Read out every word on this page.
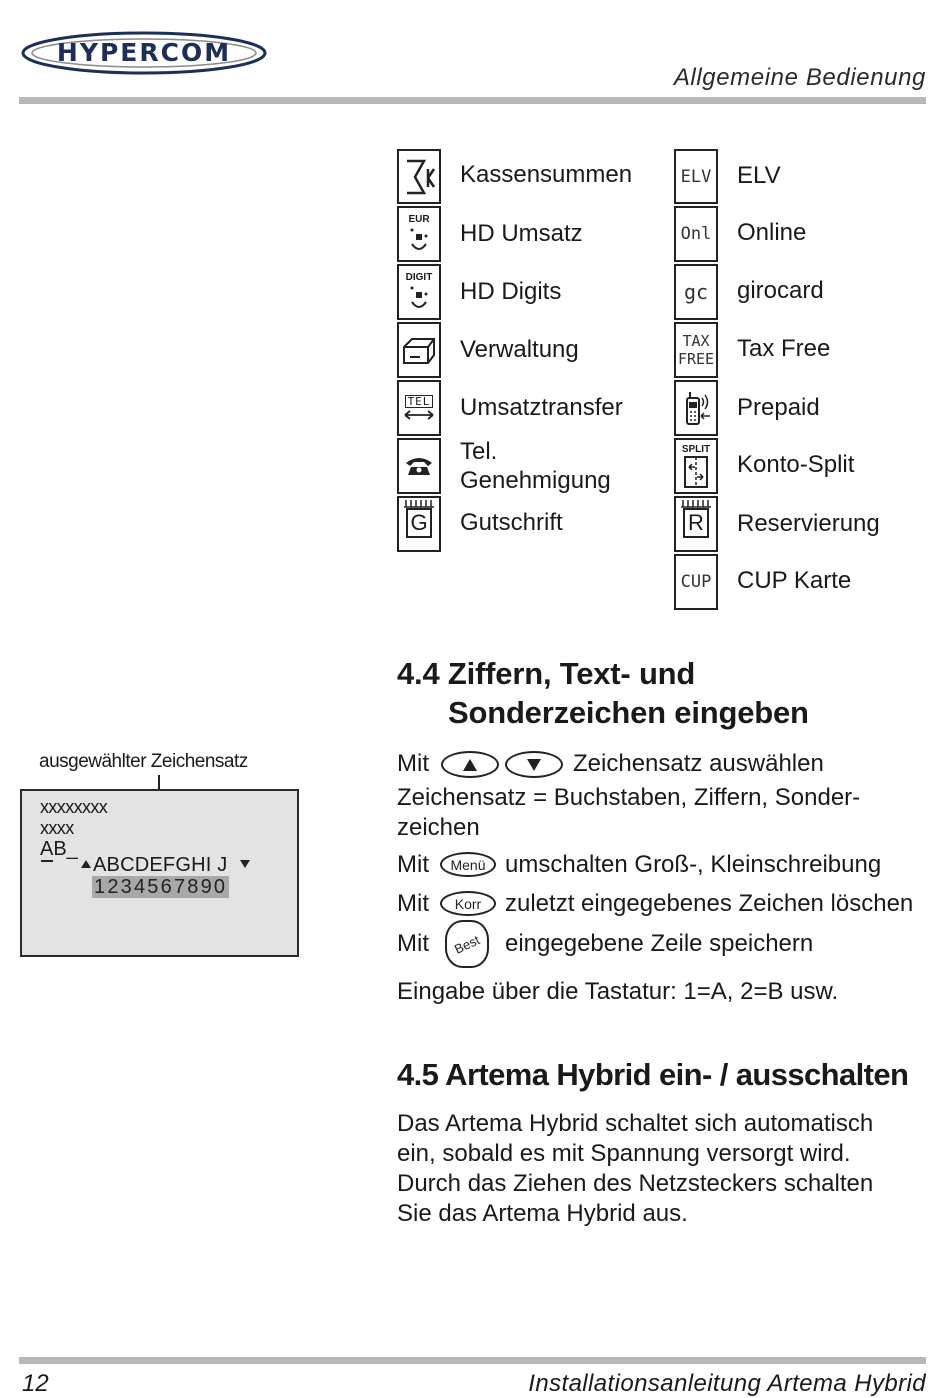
HYPERCOM
Allgemeine Bedienung
Kassensummen
EUR
HD Umsatz
DIGIT
HD Digits
Verwaltung
TEL Umsatztransfer
Tel.
Genehmigung
G Gutschrift
ELV ELV
Onl Online
gc girocard
TAX
FREE Tax Free
Prepaid
SPLIT
Konto-Split
R Reservierung
CUP CUP Karte
4.4 Ziffern, Text- und
Sonderzeichen eingeben
Mit	Zeichensatz auswählen
Zeichensatz = Buchstaben, Ziffern, Sonder-
zeichen
Mit	Menü umschalten Groß-, Kleinschreibung
Mit	Korr zuletzt eingegebenes Zeichen löschen
Mit Best eingegebene Zeile speichern
Eingabe über die Tastatur: 1=A, 2=B usw.
ausgewählter Zeichensatz
xxxxxxxx
xxxx
AB_
ABCDEFGHI J
1234567890
4.5 Artema Hybrid ein- / ausschalten
Das Artema Hybrid schaltet sich automatisch
ein, sobald es mit Spannung versorgt wird.
Durch das Ziehen des Netzsteckers schalten
Sie das Artema Hybrid aus.
12	Installationsanleitung Artema Hybrid
